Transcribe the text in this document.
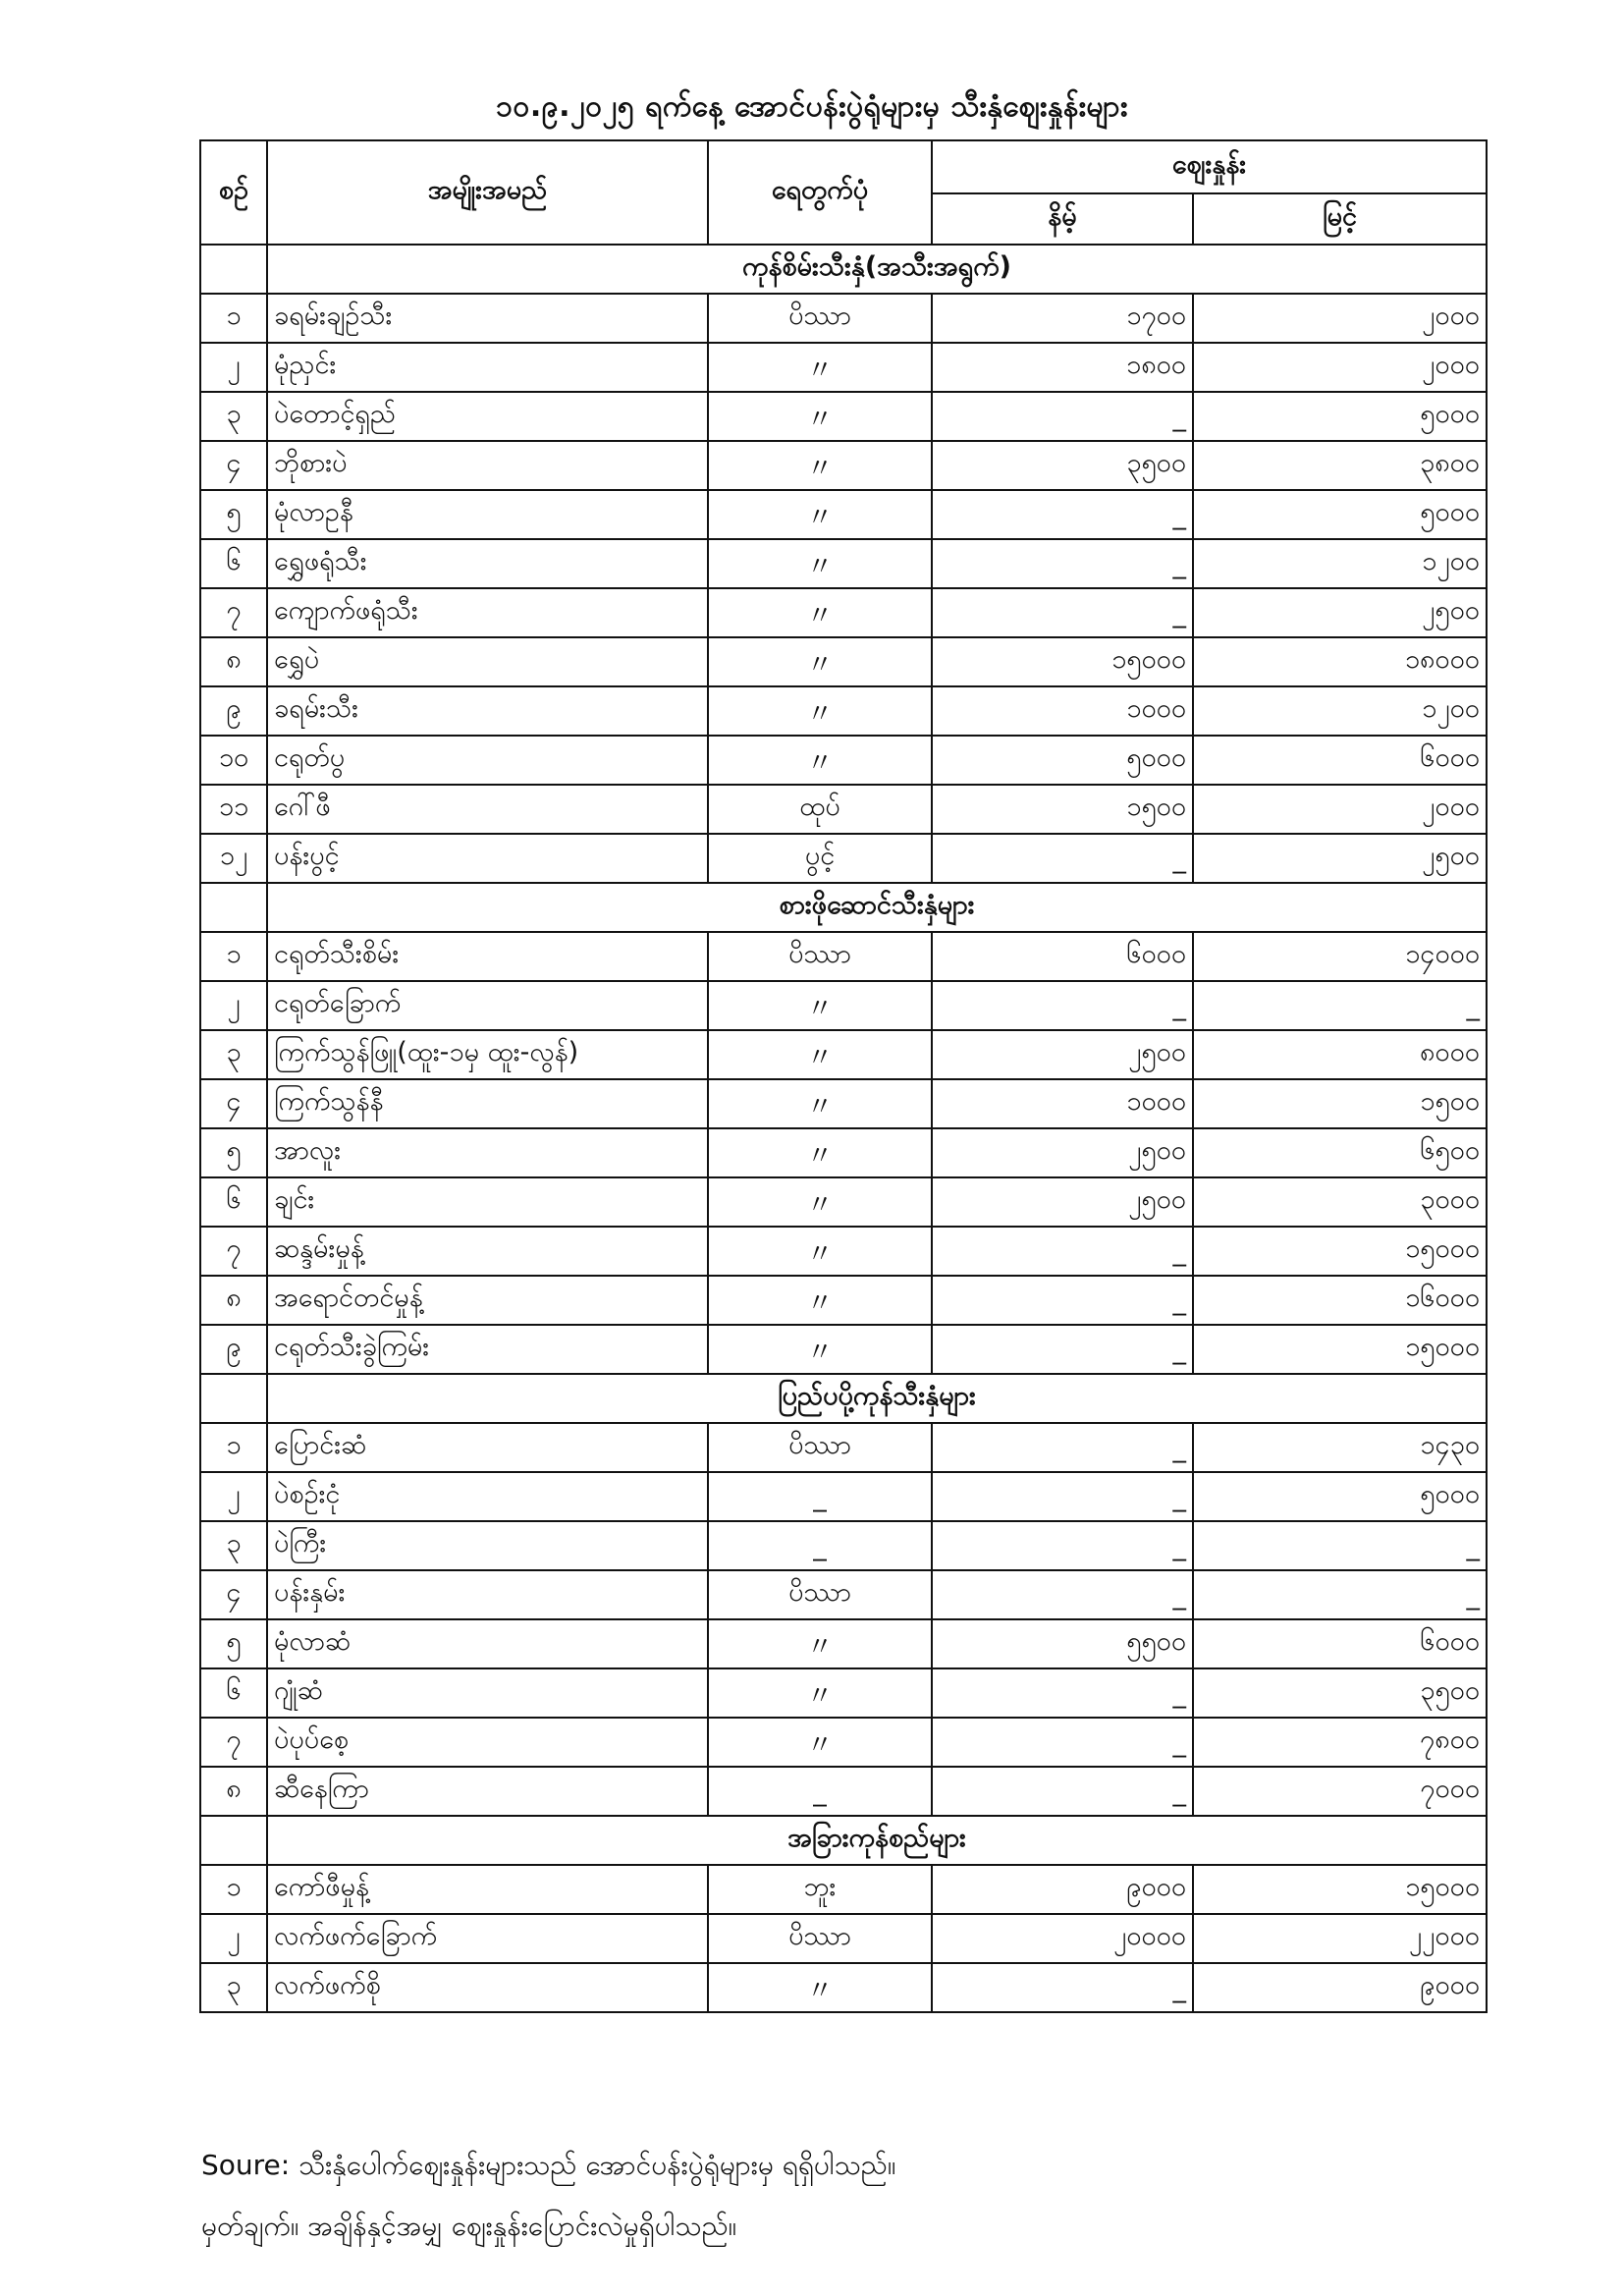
၁၀.၉.၂၀၂၅ ရက်နေ့ အောင်ပန်းပွဲရုံများမှ သီးနှံဈေးနှုန်းများ
စဉ်	အမျိုးအမည်	ရေတွက်ပုံ	ဈေးနှုန်း	
			နိမ့်	မြင့်
	ကုန်စိမ်းသီးနှံ(အသီးအရွက်)			
၁	ခရမ်းချဉ်သီး	ပိဿာ	၁၇၀၀	၂၀၀၀
၂	မုံညှင်း	〃	၁၈၀၀	၂၀၀၀
၃	ပဲတောင့်ရှည်	〃	_	၅၀၀၀
၄	ဘိုစားပဲ	〃	၃၅၀၀	၃၈၀၀
၅	မုံလာဥနီ	〃	_	၅၀၀၀
၆	ရွှေဖရုံသီး	〃	_	၁၂၀၀
၇	ကျောက်ဖရုံသီး	〃	_	၂၅၀၀
၈	ရွှေပဲ	〃	၁၅၀၀၀	၁၈၀၀၀
၉	ခရမ်းသီး	〃	၁၀၀၀	၁၂၀၀
၁၀	ငရုတ်ပွ	〃	၅၀၀၀	၆၀၀၀
၁၁	ဂေါ်ဖီ	ထုပ်	၁၅၀၀	၂၀၀၀
၁၂	ပန်းပွင့်	ပွင့်	_	၂၅၀၀
	စားဖိုဆောင်သီးနှံများ			
၁	ငရုတ်သီးစိမ်း	ပိဿာ	၆၀၀၀	၁၄၀၀၀
၂	ငရုတ်ခြောက်	〃	_	_
၃	ကြက်သွန်ဖြူ(ထူး-၁မှ ထူး-လွန်)	〃	၂၅၀၀	၈၀၀၀
၄	ကြက်သွန်နီ	〃	၁၀၀၀	၁၅၀၀
၅	အာလူး	〃	၂၅၀၀	၆၅၀၀
၆	ချင်း	〃	၂၅၀၀	၃၀၀၀
၇	ဆန္ဒမ်းမှုန့်	〃	_	၁၅၀၀၀
၈	အရောင်တင်မှုန့်	〃	_	၁၆၀၀၀
၉	ငရုတ်သီးခွဲကြမ်း	〃	_	၁၅၀၀၀
	ပြည်ပပို့ကုန်သီးနှံများ			
၁	ပြောင်းဆံ	ပိဿာ	_	၁၄၃၀
၂	ပဲစဉ်းငုံ	_	_	၅၀၀၀
၃	ပဲကြီး	_	_	_
၄	ပန်းနှမ်း	ပိဿာ	_	_
၅	မုံလာဆံ	〃	၅၅၀၀	၆၀၀၀
၆	ဂျုံဆံ	〃	_	၃၅၀၀
၇	ပဲပုပ်စေ့	〃	_	၇၈၀၀
၈	ဆီနေကြာ	_	_	၇၀၀၀
	အခြားကုန်စည်များ			
၁	ကော်ဖီမှုန့်	ဘူး	၉၀၀၀	၁၅၀၀၀
၂	လက်ဖက်ခြောက်	ပိဿာ	၂၀၀၀၀	၂၂၀၀၀
၃	လက်ဖက်စို	〃	_	၉၀၀၀
Soure: သီးနှံပေါက်ဈေးနှုန်းများသည် အောင်ပန်းပွဲရုံများမှ ရရှိပါသည်။
မှတ်ချက်။ အချိန်နှင့်အမျှ ဈေးနှုန်းပြောင်းလဲမှုရှိပါသည်။
